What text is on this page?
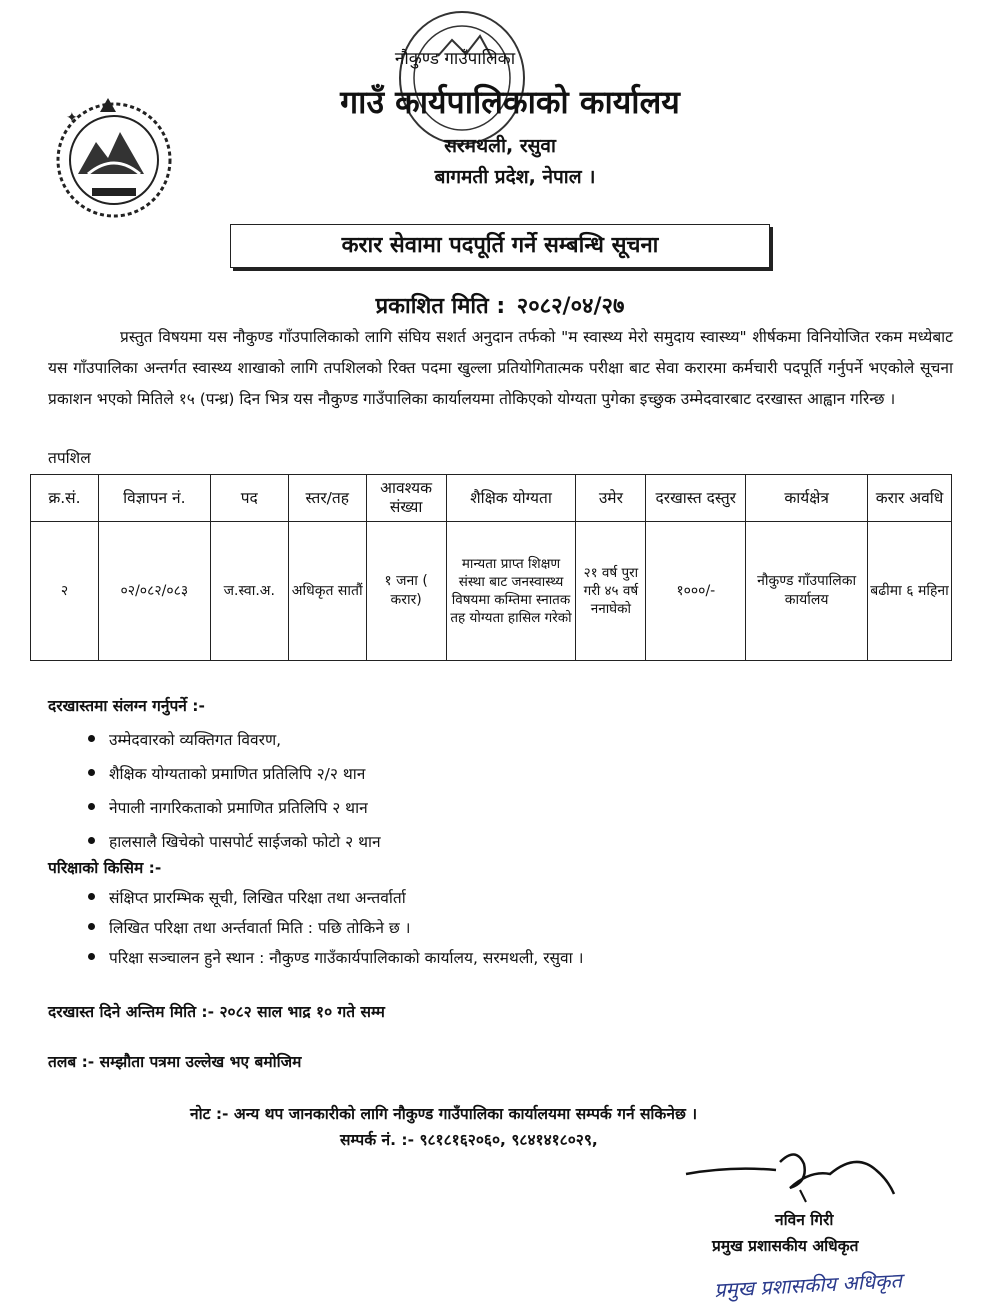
✦
नौकुण्ड गाउँपालिका
गाउँ कार्यपालिकाको कार्यालय
सरमथली, रसुवा
बागमती प्रदेश, नेपाल ।
करार सेवामा पदपूर्ति गर्ने सम्बन्धि सूचना
प्रकाशित मिति : २०८२/०४/२७
प्रस्तुत विषयमा यस नौकुण्ड गाँउपालिकाको लागि संघिय सशर्त अनुदान तर्फको "म स्वास्थ्य मेरो समुदाय स्वास्थ्य" शीर्षकमा विनियोजित रकम मध्येबाट यस गाँउपालिका अन्तर्गत स्वास्थ्य शाखाको लागि तपशिलको रिक्त पदमा खुल्ला प्रतियोगितात्मक परीक्षा बाट सेवा करारमा कर्मचारी पदपूर्ति गर्नुपर्ने भएकोले सूचना प्रकाशन भएको मितिले १५ (पन्ध्र) दिन भित्र यस नौकुण्ड गाउँपालिका कार्यालयमा तोकिएको योग्यता पुगेका इच्छुक उम्मेदवारबाट दरखास्त आह्वान गरिन्छ ।
तपशिल
क्र.सं.	विज्ञापन नं.	पद	स्तर/तह	आवश्यक संख्या	शैक्षिक योग्यता	उमेर	दरखास्त दस्तुर	कार्यक्षेत्र	करार अवधि
२	०२/०८२/०८३	ज.स्वा.अ.	अधिकृत सातौं	१ जना ( करार)	मान्यता प्राप्त शिक्षण संस्था बाट जनस्वास्थ्य विषयमा कम्तिमा स्नातक तह योग्यता हासिल गरेको	२१ वर्ष पुरा गरी ४५ वर्ष ननाघेको	१०००/-	नौकुण्ड गाँउपालिका कार्यालय	बढीमा ६ महिना
दरखास्तमा संलग्न गर्नुपर्ने :-
उम्मेदवारको व्यक्तिगत विवरण,
शैक्षिक योग्यताको प्रमाणित प्रतिलिपि २/२ थान
नेपाली नागरिकताको प्रमाणित प्रतिलिपि २ थान
हालसालै खिचेको पासपोर्ट साईजको फोटो २ थान
परिक्षाको किसिम :-
संक्षिप्त प्रारम्भिक सूची, लिखित परिक्षा तथा अन्तर्वार्ता
लिखित परिक्षा तथा अर्न्तवार्ता मिति : पछि तोकिने छ ।
परिक्षा सञ्चालन हुने स्थान : नौकुण्ड गाउँकार्यपालिकाको कार्यालय, सरमथली, रसुवा ।
दरखास्त दिने अन्तिम मिति :- २०८२ साल भाद्र १० गते सम्म
तलब :- सम्झौता पत्रमा उल्लेख भए बमोजिम
नोट :- अन्य थप जानकारीको लागि नौकुण्ड गाउँपालिका कार्यालयमा सम्पर्क गर्न सकिनेछ ।
सम्पर्क नं. :- ९८१८१६२०६०, ९८४१४१८०२९,
नविन गिरी
प्रमुख प्रशासकीय अधिकृत
प्रमुख प्रशासकीय अधिकृत
